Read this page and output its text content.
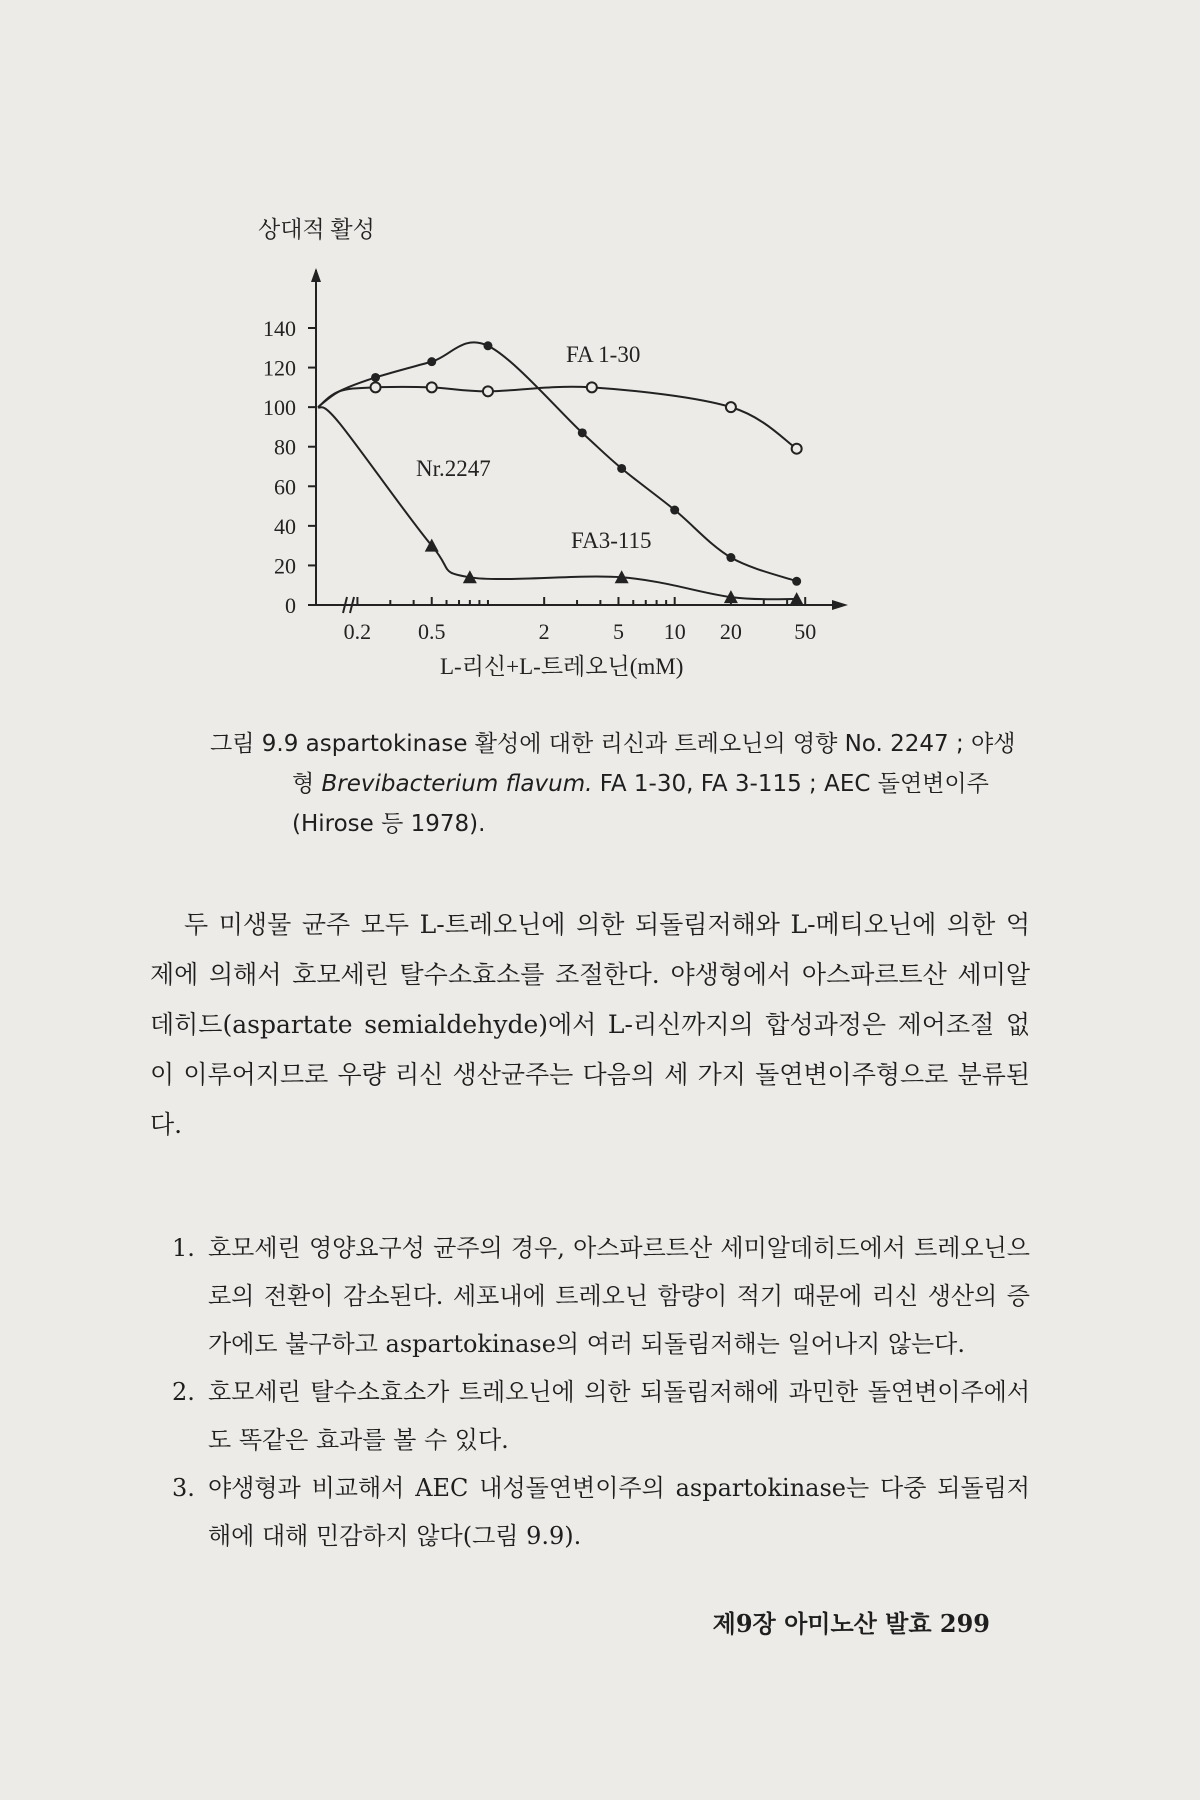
상대적 활성
140
120
100
80
60
40
20
0
0.2 0.5	2	5 10 20 50
FA 1-30
FA3-115
Nr.2247
L-리신+L-트레오닌(mM)
그림 9.9 aspartokinase 활성에 대한 리신과 트레오닌의 영향 No. 2247 ; 야생

형 Brevibacterium flavum. FA 1-30, FA 3-115 ; AEC 돌연변이주
(Hirose 등 1978).

두 미생물 균주 모두 L-트레오닌에 의한 되돌림저해와 L-메티오닌에 의한 억제에 의해서 호모세린 탈수소효소를 조절한다. 야생형에서 아스파르트산 세미알데히드(aspartate semialdehyde)에서 L-리신까지의 합성과정은 제어조절 없이 이루어지므로 우량 리신 생산균주는 다음의 세 가지 돌연변이주형으로 분류된다.

1. 호모세린 영양요구성 균주의 경우, 아스파르트산 세미알데히드에서 트레오닌으로의 전환이 감소된다. 세포내에 트레오닌 함량이 적기 때문에 리신 생산의 증가에도 불구하고 aspartokinase의 여러 되돌림저해는 일어나지 않는다.
2. 호모세린 탈수소효소가 트레오닌에 의한 되돌림저해에 과민한 돌연변이주에서도 똑같은 효과를 볼 수 있다.
3. 야생형과 비교해서 AEC 내성돌연변이주의 aspartokinase는 다중 되돌림저해에 대해 민감하지 않다(그림 9.9).
제9장 아미노산 발효 299
